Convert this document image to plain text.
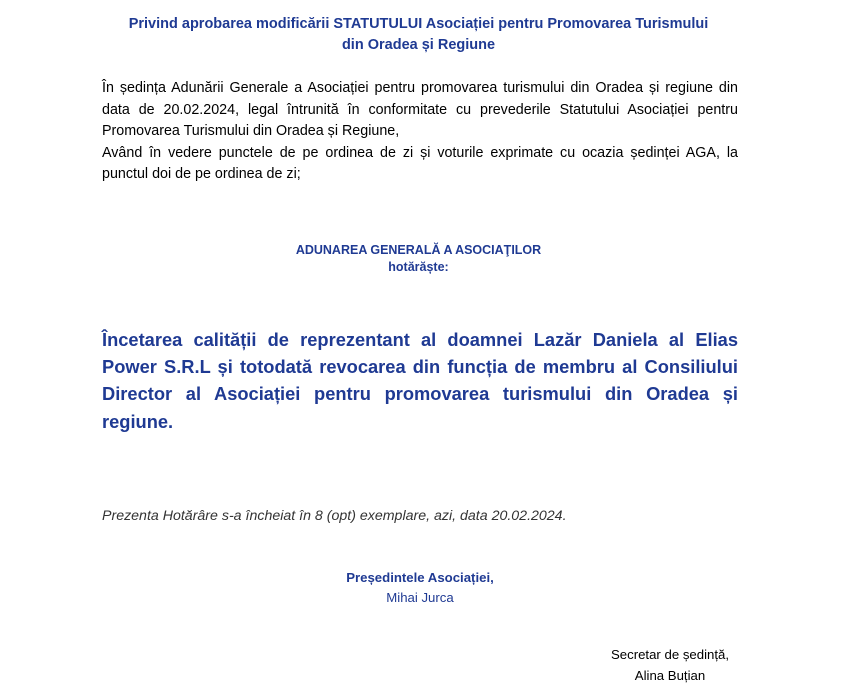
Privind aprobarea modificării STATUTULUI Asociației pentru Promovarea Turismului
din Oradea și Regiune

În ședința Adunării Generale a Asociației pentru promovarea turismului din Oradea și regiune din data de 20.02.2024, legal întrunită în conformitate cu prevederile Statutului Asociației pentru Promovarea Turismului din Oradea și Regiune,

Având în vedere punctele de pe ordinea de zi și voturile exprimate cu ocazia ședinței AGA, la punctul doi de pe ordinea de zi;

ADUNAREA GENERALĂ A ASOCIAŢILOR
hotărăște:

Încetarea calității de reprezentant al doamnei Lazăr Daniela al Elias Power S.R.L și totodată revocarea din funcția de membru al Consiliului Director al Asociației pentru promovarea turismului din Oradea și regiune.

Prezenta Hotărâre s-a încheiat în 8 (opt) exemplare, azi, data 20.02.2024.

Președintele Asociației,
Mihai Jurca
Secretar de ședință,
Alina Buțian
